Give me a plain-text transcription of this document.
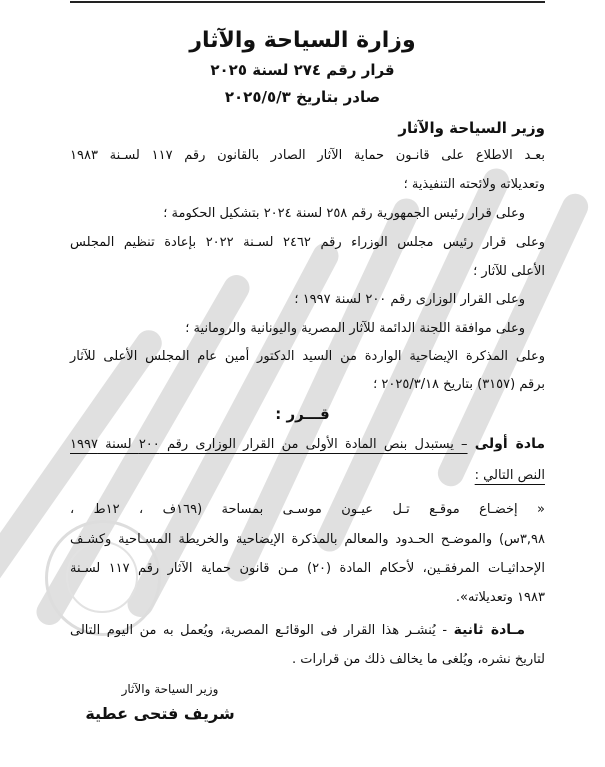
وزارة السياحة والآثار
قرار رقم ٢٧٤ لسنة ٢٠٢٥
صادر بتاريخ ٢٠٢٥/٥/٣
وزير السياحة والآثار
بعـد الاطلاع على قانـون حماية الآثار الصادر بالقانون رقم ١١٧ لسـنة ١٩٨٣
وتعديلاته ولائحته التنفيذية ؛
وعلى قرار رئيس الجمهورية رقم ٢٥٨ لسنة ٢٠٢٤ بتشكيل الحكومة ؛
وعلى قرار رئيس مجلس الوزراء رقم ٢٤٦٢ لسـنة ٢٠٢٢ بإعادة تنظيم المجلس
الأعلى للآثار ؛
وعلى القرار الوزارى رقم ٢٠٠ لسنة ١٩٩٧ ؛
وعلى موافقة اللجنة الدائمة للآثار المصرية واليونانية والرومانية ؛
وعلى المذكرة الإيضاحية الواردة من السيد الدكتور أمين عام المجلس الأعلى للآثار
برقم (٣١٥٧) بتاريخ ٢٠٢٥/٣/١٨ ؛
قـــرر :
مادة أولى – يستبدل بنص المادة الأولى من القرار الوزارى رقم ٢٠٠ لسنة ١٩٩٧
النص التالي :
« إخضـاع موقـع تـل عيـون موسـى بمساحة (١٦٩ف ، ١٢ط ،
٣,٩٨س) والموضـح الحـدود والمعالم بالمذكرة الإيضاحية والخريطة المسـاحية وكشـف
الإحداثيـات المرفقـين، لأحكام المادة (٢٠) مـن قانون حماية الآثار رقم ١١٧ لسـنة
١٩٨٣ وتعديلاته».
مـادة ثانية - يُنشـر هذا القرار فى الوقائـع المصرية، ويُعمل به من اليوم التالى
لتاريخ نشره، ويُلغى ما يخالف ذلك من قرارات .
وزير السياحة والآثار
شريف فتحى عطية
